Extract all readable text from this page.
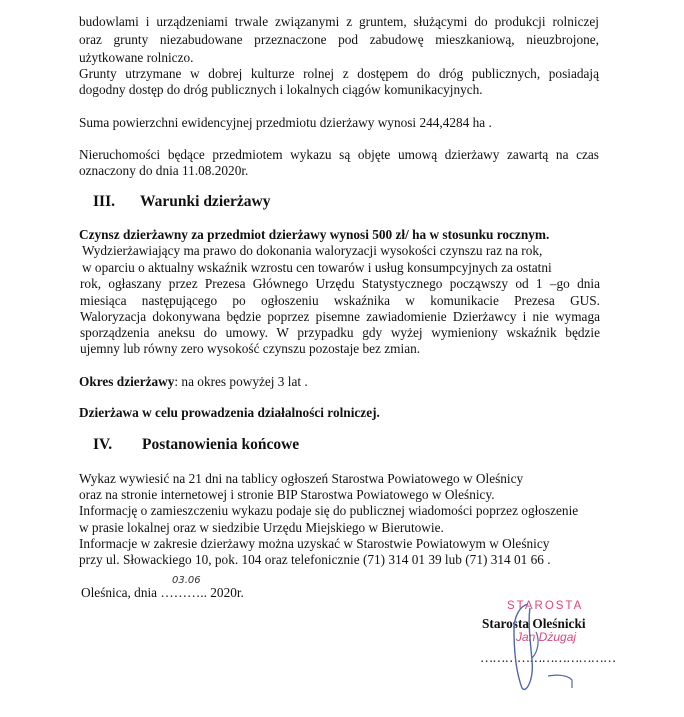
budowlami i urządzeniami trwale związanymi z gruntem, służącymi do produkcji rolniczej
oraz grunty niezabudowane przeznaczone pod zabudowę mieszkaniową, nieuzbrojone,
użytkowane rolniczo.
Grunty utrzymane w dobrej kulturze rolnej z dostępem do dróg publicznych, posiadają
dogodny dostęp do dróg publicznych i lokalnych ciągów komunikacyjnych.
Suma powierzchni ewidencyjnej przedmiotu dzierżawy wynosi 244,4284 ha .
Nieruchomości będące przedmiotem wykazu są objęte umową dzierżawy zawartą na czas
oznaczony do dnia 11.08.2020r.
III. Warunki dzierżawy
Czynsz dzierżawny za przedmiot dzierżawy wynosi 500 zł/ ha w stosunku rocznym.
Wydzierżawiający ma prawo do dokonania waloryzacji wysokości czynszu raz na rok,
w oparciu o aktualny wskaźnik wzrostu cen towarów i usług konsumpcyjnych za ostatni
rok, ogłaszany przez Prezesa Głównego Urzędu Statystycznego począwszy od 1 –go dnia
miesiąca następującego po ogłoszeniu wskaźnika w komunikacie Prezesa GUS.
Waloryzacja dokonywana będzie poprzez pisemne zawiadomienie Dzierżawcy i nie wymaga
sporządzenia aneksu do umowy. W przypadku gdy wyżej wymieniony wskaźnik będzie
ujemny lub równy zero wysokość czynszu pozostaje bez zmian.
Okres dzierżawy: na okres powyżej 3 lat .
Dzierżawa w celu prowadzenia działalności rolniczej.
IV. Postanowienia końcowe
Wykaz wywiesić na 21 dni na tablicy ogłoszeń Starostwa Powiatowego w Oleśnicy
oraz na stronie internetowej i stronie BIP Starostwa Powiatowego w Oleśnicy.
Informację o zamieszczeniu wykazu podaje się do publicznej wiadomości poprzez ogłoszenie
w prasie lokalnej oraz w siedzibie Urzędu Miejskiego w Bierutowie.
Informacje w zakresie dzierżawy można uzyskać w Starostwie Powiatowym w Oleśnicy
przy ul. Słowackiego 10, pok. 104 oraz telefonicznie (71) 314 01 39 lub (71) 314 01 66 .
Oleśnica, dnia ……….. 2020r.
03.06
STAROSTA
Starosta Oleśnicki
Jan Dżugaj
……………………………
